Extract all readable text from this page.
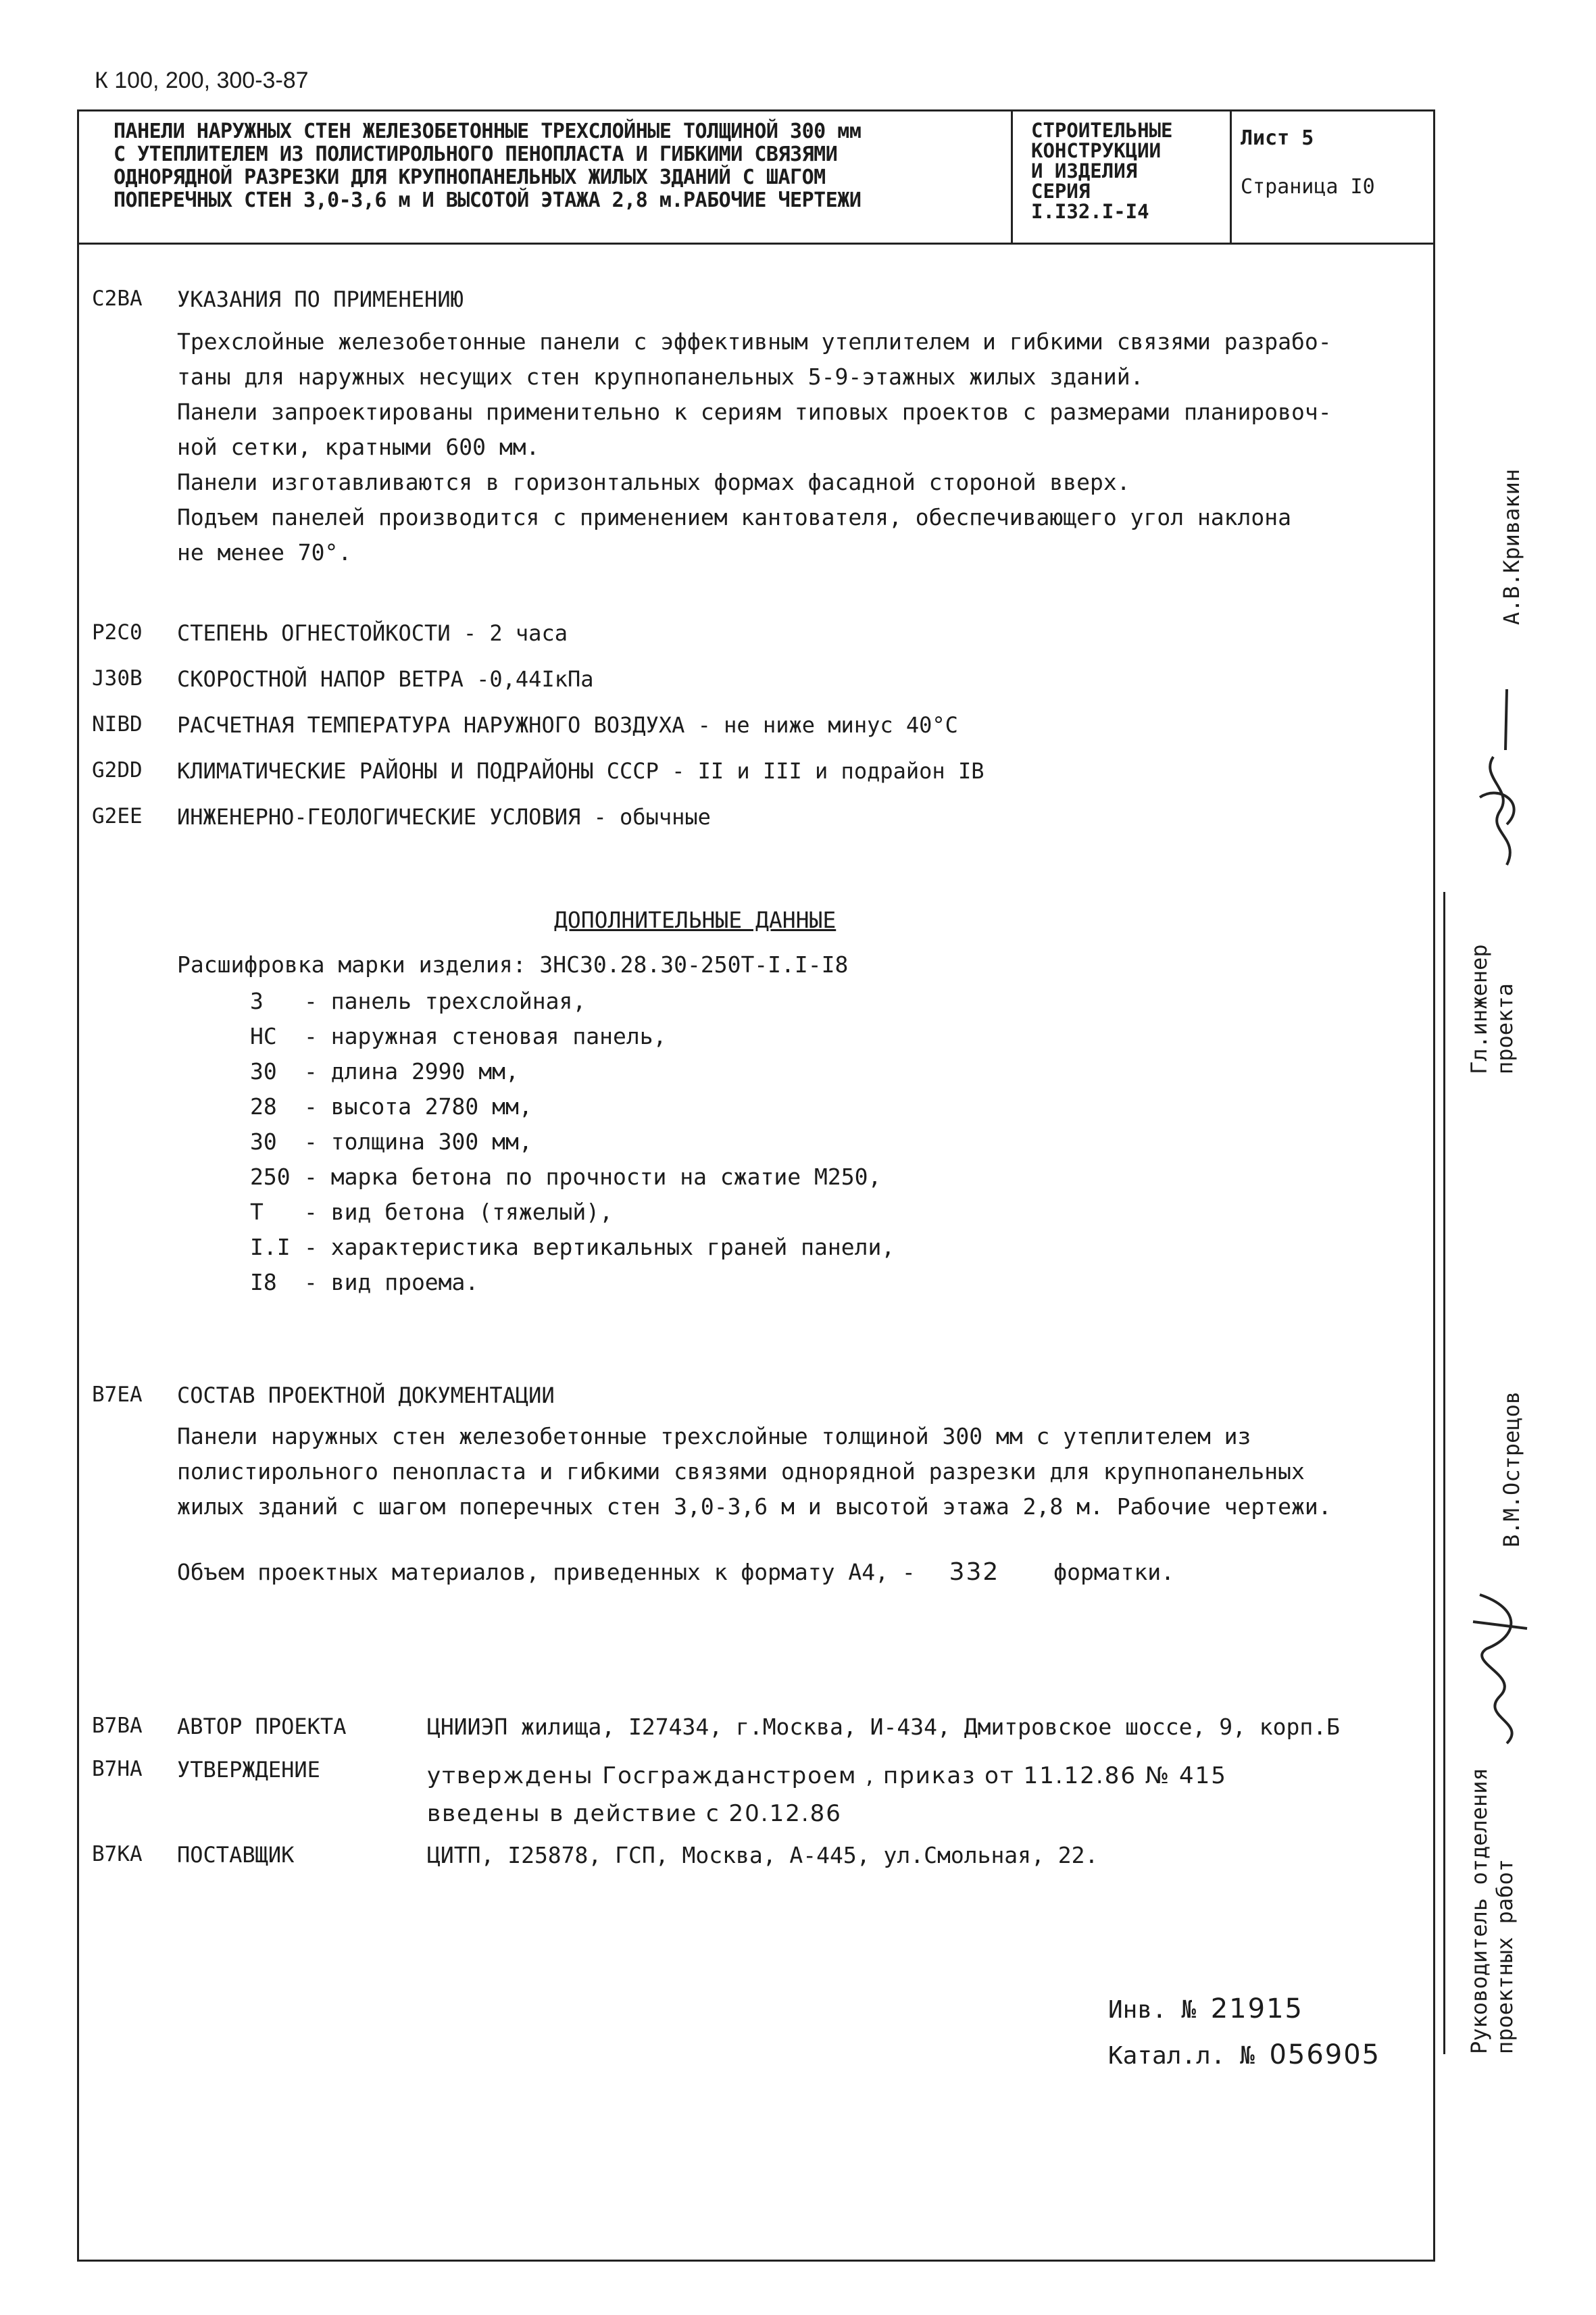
К 100, 200, 300-3-87
ПАНЕЛИ НАРУЖНЫХ СТЕН ЖЕЛЕЗОБЕТОННЫЕ ТРЕХСЛОЙНЫЕ ТОЛЩИНОЙ 300 мм
С УТЕПЛИТЕЛЕМ ИЗ ПОЛИСТИРОЛЬНОГО ПЕНОПЛАСТА И ГИБКИМИ СВЯЗЯМИ
ОДНОРЯДНОЙ РАЗРЕЗКИ ДЛЯ КРУПНОПАНЕЛЬНЫХ ЖИЛЫХ ЗДАНИЙ С ШАГОМ
ПОПЕРЕЧНЫХ СТЕН 3,0-3,6 м И ВЫСОТОЙ ЭТАЖА 2,8 м.РАБОЧИЕ ЧЕРТЕЖИ
СТРОИТЕЛЬНЫЕ
КОНСТРУКЦИИ
И ИЗДЕЛИЯ
СЕРИЯ
I.I32.I-I4
Лист 5
Страница I0
C2BA УКАЗАНИЯ ПО ПРИМЕНЕНИЮ
Трехслойные железобетонные панели с эффективным утеплителем и гибкими связями разрабо-
таны для наружных несущих стен крупнопанельных 5-9-этажных жилых зданий.
Панели запроектированы применительно к сериям типовых проектов с размерами планировоч-
ной сетки, кратными 600 мм.
Панели изготавливаются в горизонтальных формах фасадной стороной вверх.
Подъем панелей производится с применением кантователя, обеспечивающего угол наклона
не менее 70°.
P2C0 СТЕПЕНЬ ОГНЕСТОЙКОСТИ - 2 часа
J30B СКОРОСТНОЙ НАПОР ВЕТРА -0,44IкПа
NIBD РАСЧЕТНАЯ ТЕМПЕРАТУРА НАРУЖНОГО ВОЗДУХА - не ниже минус 40°С
G2DD КЛИМАТИЧЕСКИЕ РАЙОНЫ И ПОДРАЙОНЫ СССР - II и III и подрайон IВ
G2EE ИНЖЕНЕРНО-ГЕОЛОГИЧЕСКИЕ УСЛОВИЯ - обычные
ДОПОЛНИТЕЛЬНЫЕ ДАННЫЕ
Расшифровка марки изделия: 3НС30.28.30-250Т-I.I-I8
3 - панель трехслойная,
НС - наружная стеновая панель,
30 - длина 2990 мм,
28 - высота 2780 мм,
30 - толщина 300 мм,
250 - марка бетона по прочности на сжатие М250,
Т - вид бетона (тяжелый),
I.I - характеристика вертикальных граней панели,
I8 - вид проема.
B7EA СОСТАВ ПРОЕКТНОЙ ДОКУМЕНТАЦИИ
Панели наружных стен железобетонные трехслойные толщиной 300 мм с утеплителем из
полистирольного пенопласта и гибкими связями однорядной разрезки для крупнопанельных
жилых зданий с шагом поперечных стен 3,0-3,6 м и высотой этажа 2,8 м. Рабочие чертежи.
Объем проектных материалов, приведенных к формату А4, - 332 форматки.
B7BA АВТОР ПРОЕКТА	ЦНИИЭП жилища, I27434, г.Москва, И-434, Дмитровское шоссе, 9, корп.Б
B7HA УТВЕРЖДЕНИЕ	утверждены Госгражданстроем , приказ от 11.12.86 № 415
введены в действие с 20.12.86
B7KA ПОСТАВЩИК	ЦИТП, I25878, ГСП, Москва, А-445, ул.Смольная, 22.
Инв. № 21915
Катал.л. № 056905
А.В.Кривакин
Гл.инженер проекта
В.М.Острецов
Руководитель отделения проектных работ
